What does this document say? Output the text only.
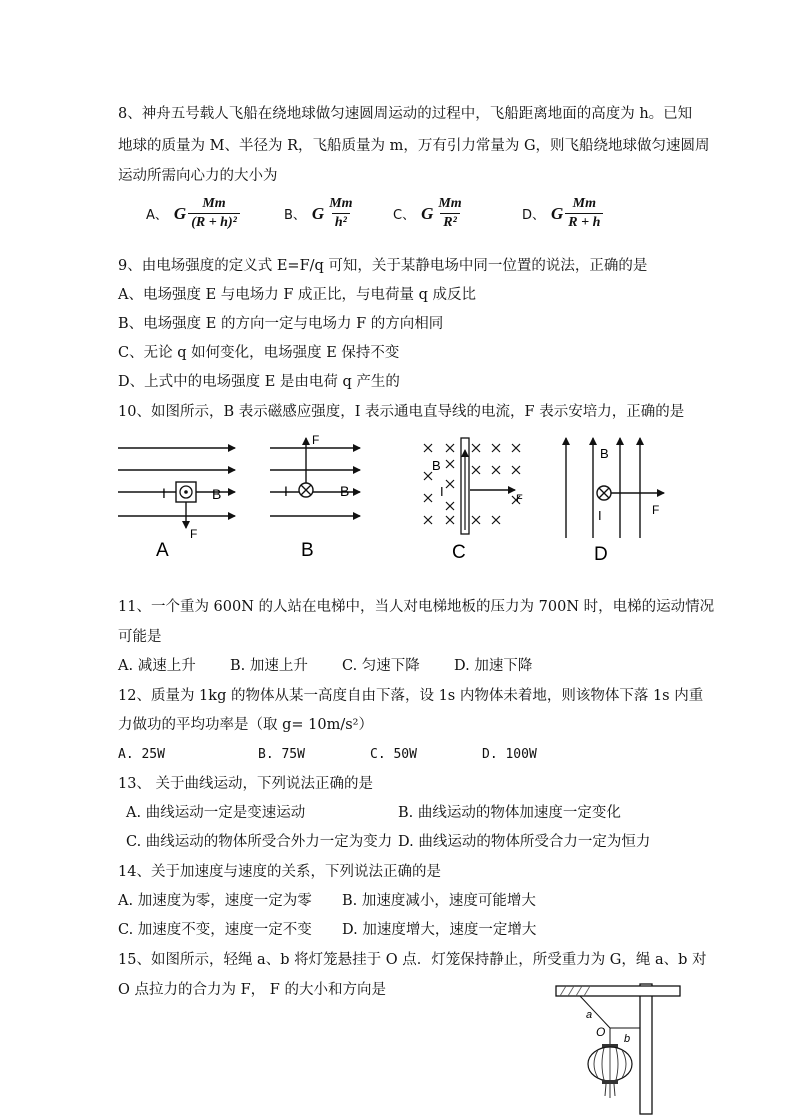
8、神舟五号载人飞船在绕地球做匀速圆周运动的过程中，飞船距离地面的高度为 h。已知
地球的质量为 M、半径为 R，飞船质量为 m，万有引力常量为 G，则飞船绕地球做匀速圆周
运动所需向心力的大小为
A、 G $\frac{Mm}{\text{(R + h)²}}$	B、 G $\frac{Mm}{\text{h²}}$	C、 G $\frac{Mm}{\text{R²}}$	D、 G $\frac{Mm}{R + h}$
9、由电场强度的定义式 E=F/q 可知，关于某静电场中同一位置的说法，正确的是
A、电场强度 E 与电场力 F 成正比，与电荷量 q 成反比
B、电场强度 E 的方向一定与电场力 F 的方向相同
C、无论 q 如何变化，电场强度 E 保持不变
D、上式中的电场强度 E 是由电荷 q 产生的
10、如图所示，B 表示磁感应强度，I 表示通电直导线的电流，F 表示安培力，正确的是
I	B
F
A
F
I	B
B
B
I	F
C
B
I	F
D
11、一个重为 600N 的人站在电梯中，当人对电梯地板的压力为 700N 时，电梯的运动情况
可能是
A. 减速上升 B. 加速上升 C. 匀速下降 D. 加速下降
12、质量为 1kg 的物体从某一高度自由下落，设 1s 内物体未着地，则该物体下落 1s 内重
力做功的平均功率是（取 g= 10m/s²）
A. 25W	B. 75W	C. 50W	D. 100W
13、 关于曲线运动，下列说法正确的是
A. 曲线运动一定是变速运动	B. 曲线运动的物体加速度一定变化
C. 曲线运动的物体所受合外力一定为变力 D. 曲线运动的物体所受合力一定为恒力
14、关于加速度与速度的关系，下列说法正确的是
A. 加速度为零，速度一定为零 B. 加速度减小，速度可能增大
C. 加速度不变，速度一定不变 D. 加速度增大，速度一定增大
15、如图所示，轻绳 a、b 将灯笼悬挂于 O 点．灯笼保持静止，所受重力为 G，绳 a、b 对
O 点拉力的合力为 F， F 的大小和方向是
a
O b
